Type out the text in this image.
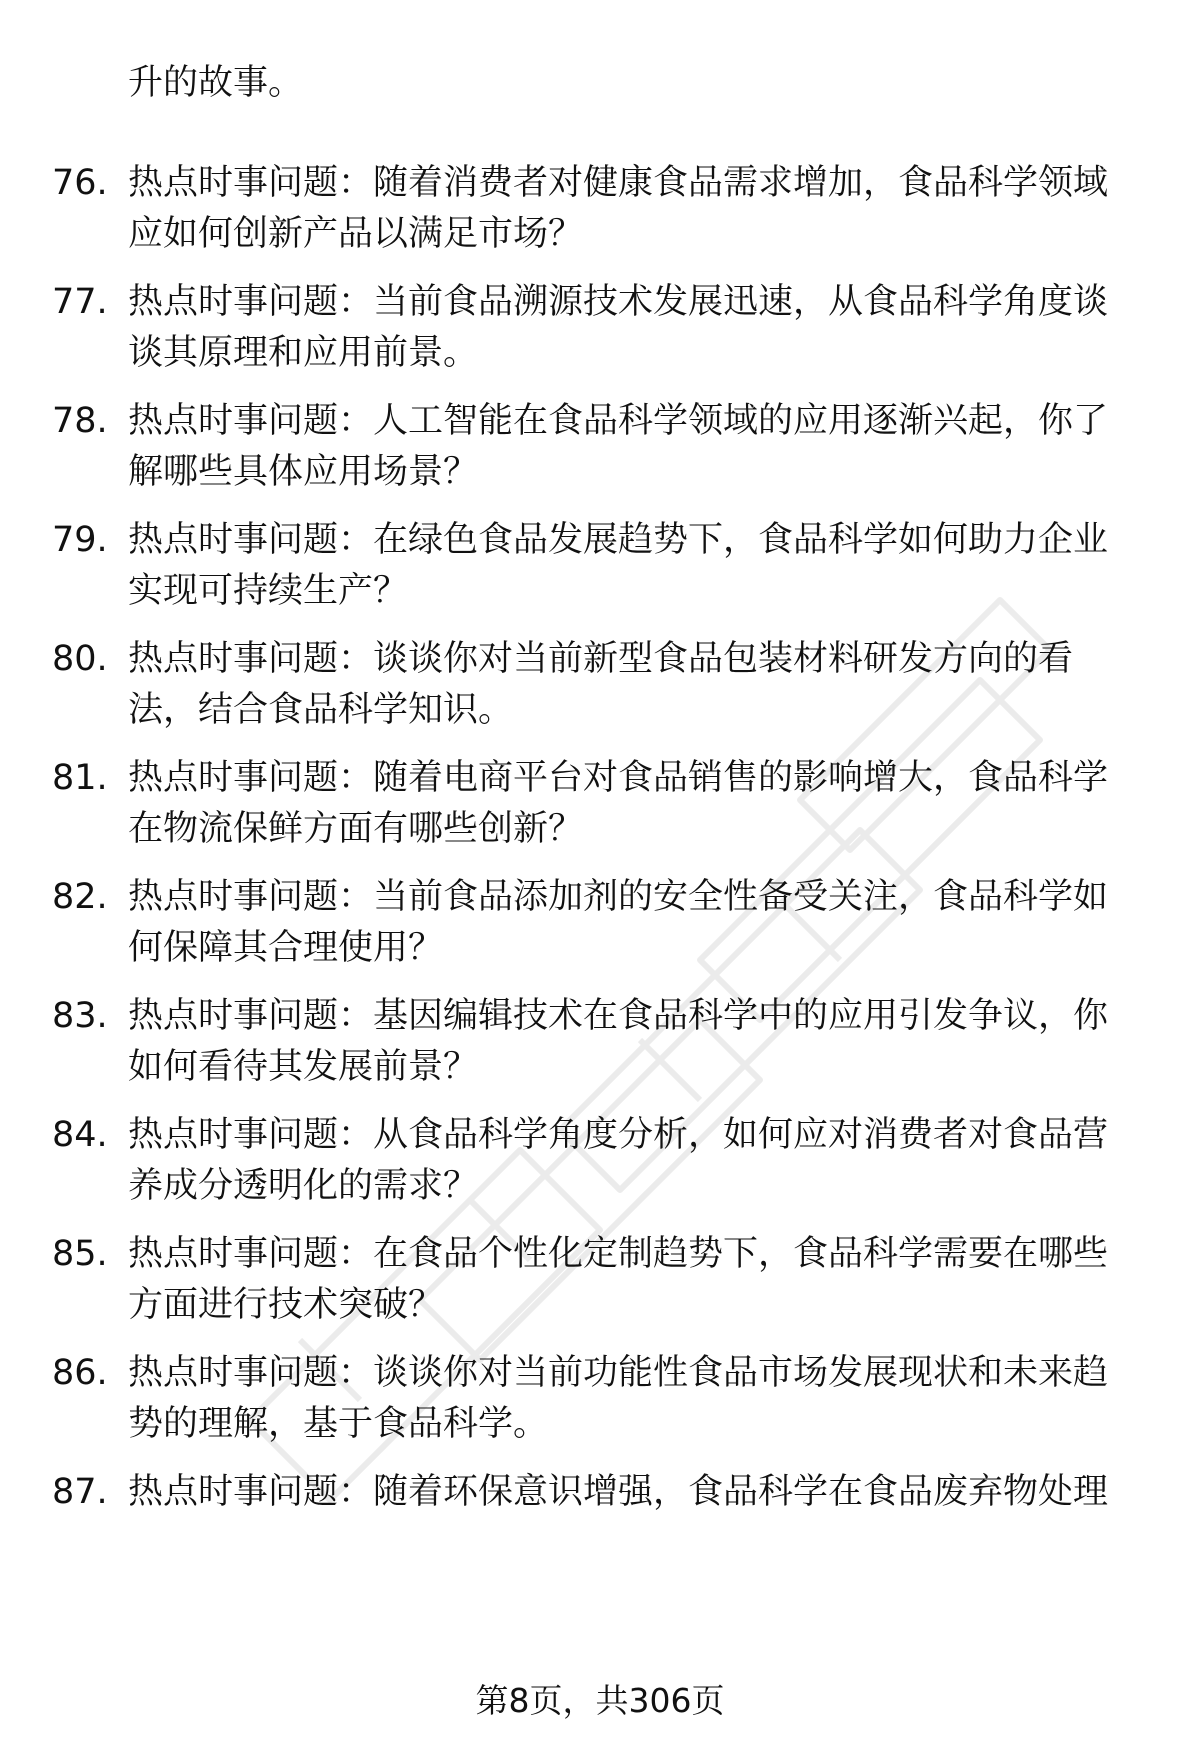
升的故事。
76. 热点时事问题：随着消费者对健康食品需求增加，食品科学领域
应如何创新产品以满足市场？
77. 热点时事问题：当前食品溯源技术发展迅速，从食品科学角度谈
谈其原理和应用前景。
78. 热点时事问题：人工智能在食品科学领域的应用逐渐兴起，你了
解哪些具体应用场景？
79. 热点时事问题：在绿色食品发展趋势下，食品科学如何助力企业
实现可持续生产？
80. 热点时事问题：谈谈你对当前新型食品包装材料研发方向的看
法，结合食品科学知识。
81. 热点时事问题：随着电商平台对食品销售的影响增大，食品科学
在物流保鲜方面有哪些创新？
82. 热点时事问题：当前食品添加剂的安全性备受关注，食品科学如
何保障其合理使用？
83. 热点时事问题：基因编辑技术在食品科学中的应用引发争议，你
如何看待其发展前景？
84. 热点时事问题：从食品科学角度分析，如何应对消费者对食品营
养成分透明化的需求？
85. 热点时事问题：在食品个性化定制趋势下，食品科学需要在哪些
方面进行技术突破？
86. 热点时事问题：谈谈你对当前功能性食品市场发展现状和未来趋
势的理解，基于食品科学。
87. 热点时事问题：随着环保意识增强，食品科学在食品废弃物处理
第8页，共306页
